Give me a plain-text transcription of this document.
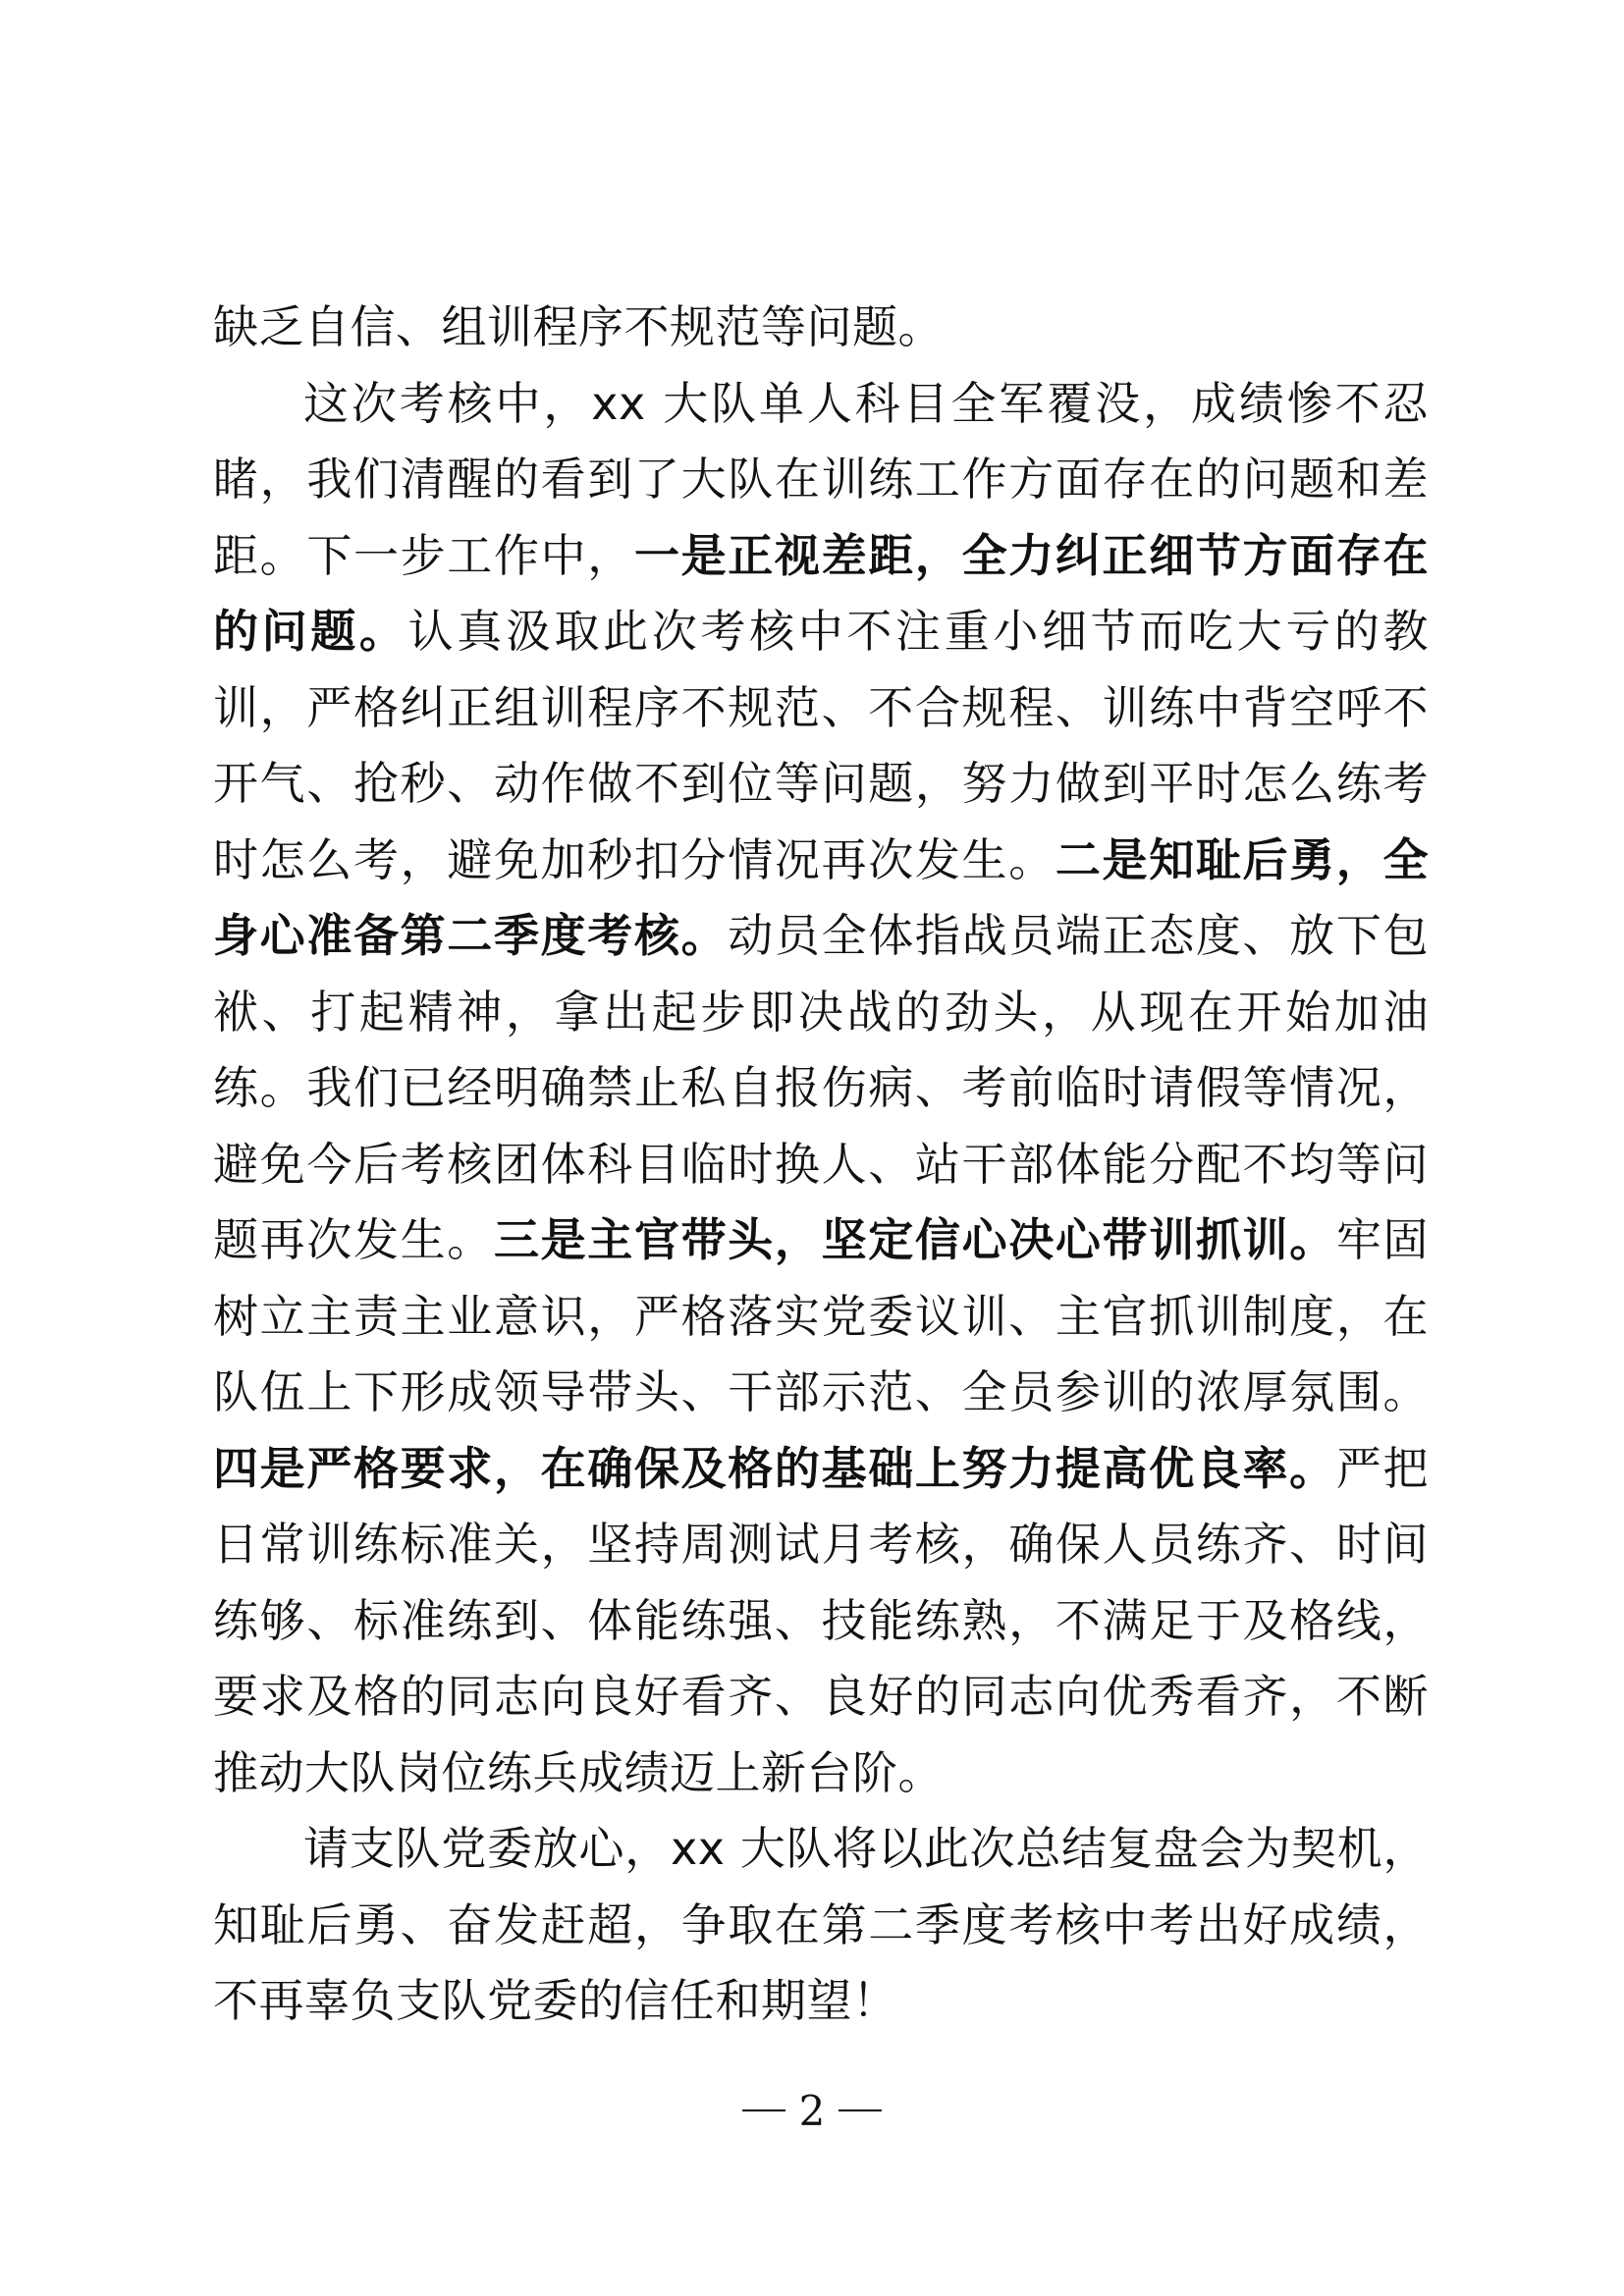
缺乏自信、组训程序不规范等问题。

这次考核中，xx 大队单人科目全军覆没，成绩惨不忍睹，我们清醒的看到了大队在训练工作方面存在的问题和差距。下一步工作中，一是正视差距，全力纠正细节方面存在的问题。认真汲取此次考核中不注重小细节而吃大亏的教训，严格纠正组训程序不规范、不合规程、训练中背空呼不开气、抢秒、动作做不到位等问题，努力做到平时怎么练考时怎么考，避免加秒扣分情况再次发生。二是知耻后勇，全身心准备第二季度考核。动员全体指战员端正态度、放下包袱、打起精神，拿出起步即决战的劲头，从现在开始加油练。我们已经明确禁止私自报伤病、考前临时请假等情况，避免今后考核团体科目临时换人、站干部体能分配不均等问题再次发生。三是主官带头，坚定信心决心带训抓训。牢固树立主责主业意识，严格落实党委议训、主官抓训制度，在队伍上下形成领导带头、干部示范、全员参训的浓厚氛围。四是严格要求，在确保及格的基础上努力提高优良率。严把日常训练标准关，坚持周测试月考核，确保人员练齐、时间练够、标准练到、体能练强、技能练熟，不满足于及格线，要求及格的同志向良好看齐、良好的同志向优秀看齐，不断推动大队岗位练兵成绩迈上新台阶。

请支队党委放心，xx 大队将以此次总结复盘会为契机，知耻后勇、奋发赶超，争取在第二季度考核中考出好成绩，不再辜负支队党委的信任和期望！

2
